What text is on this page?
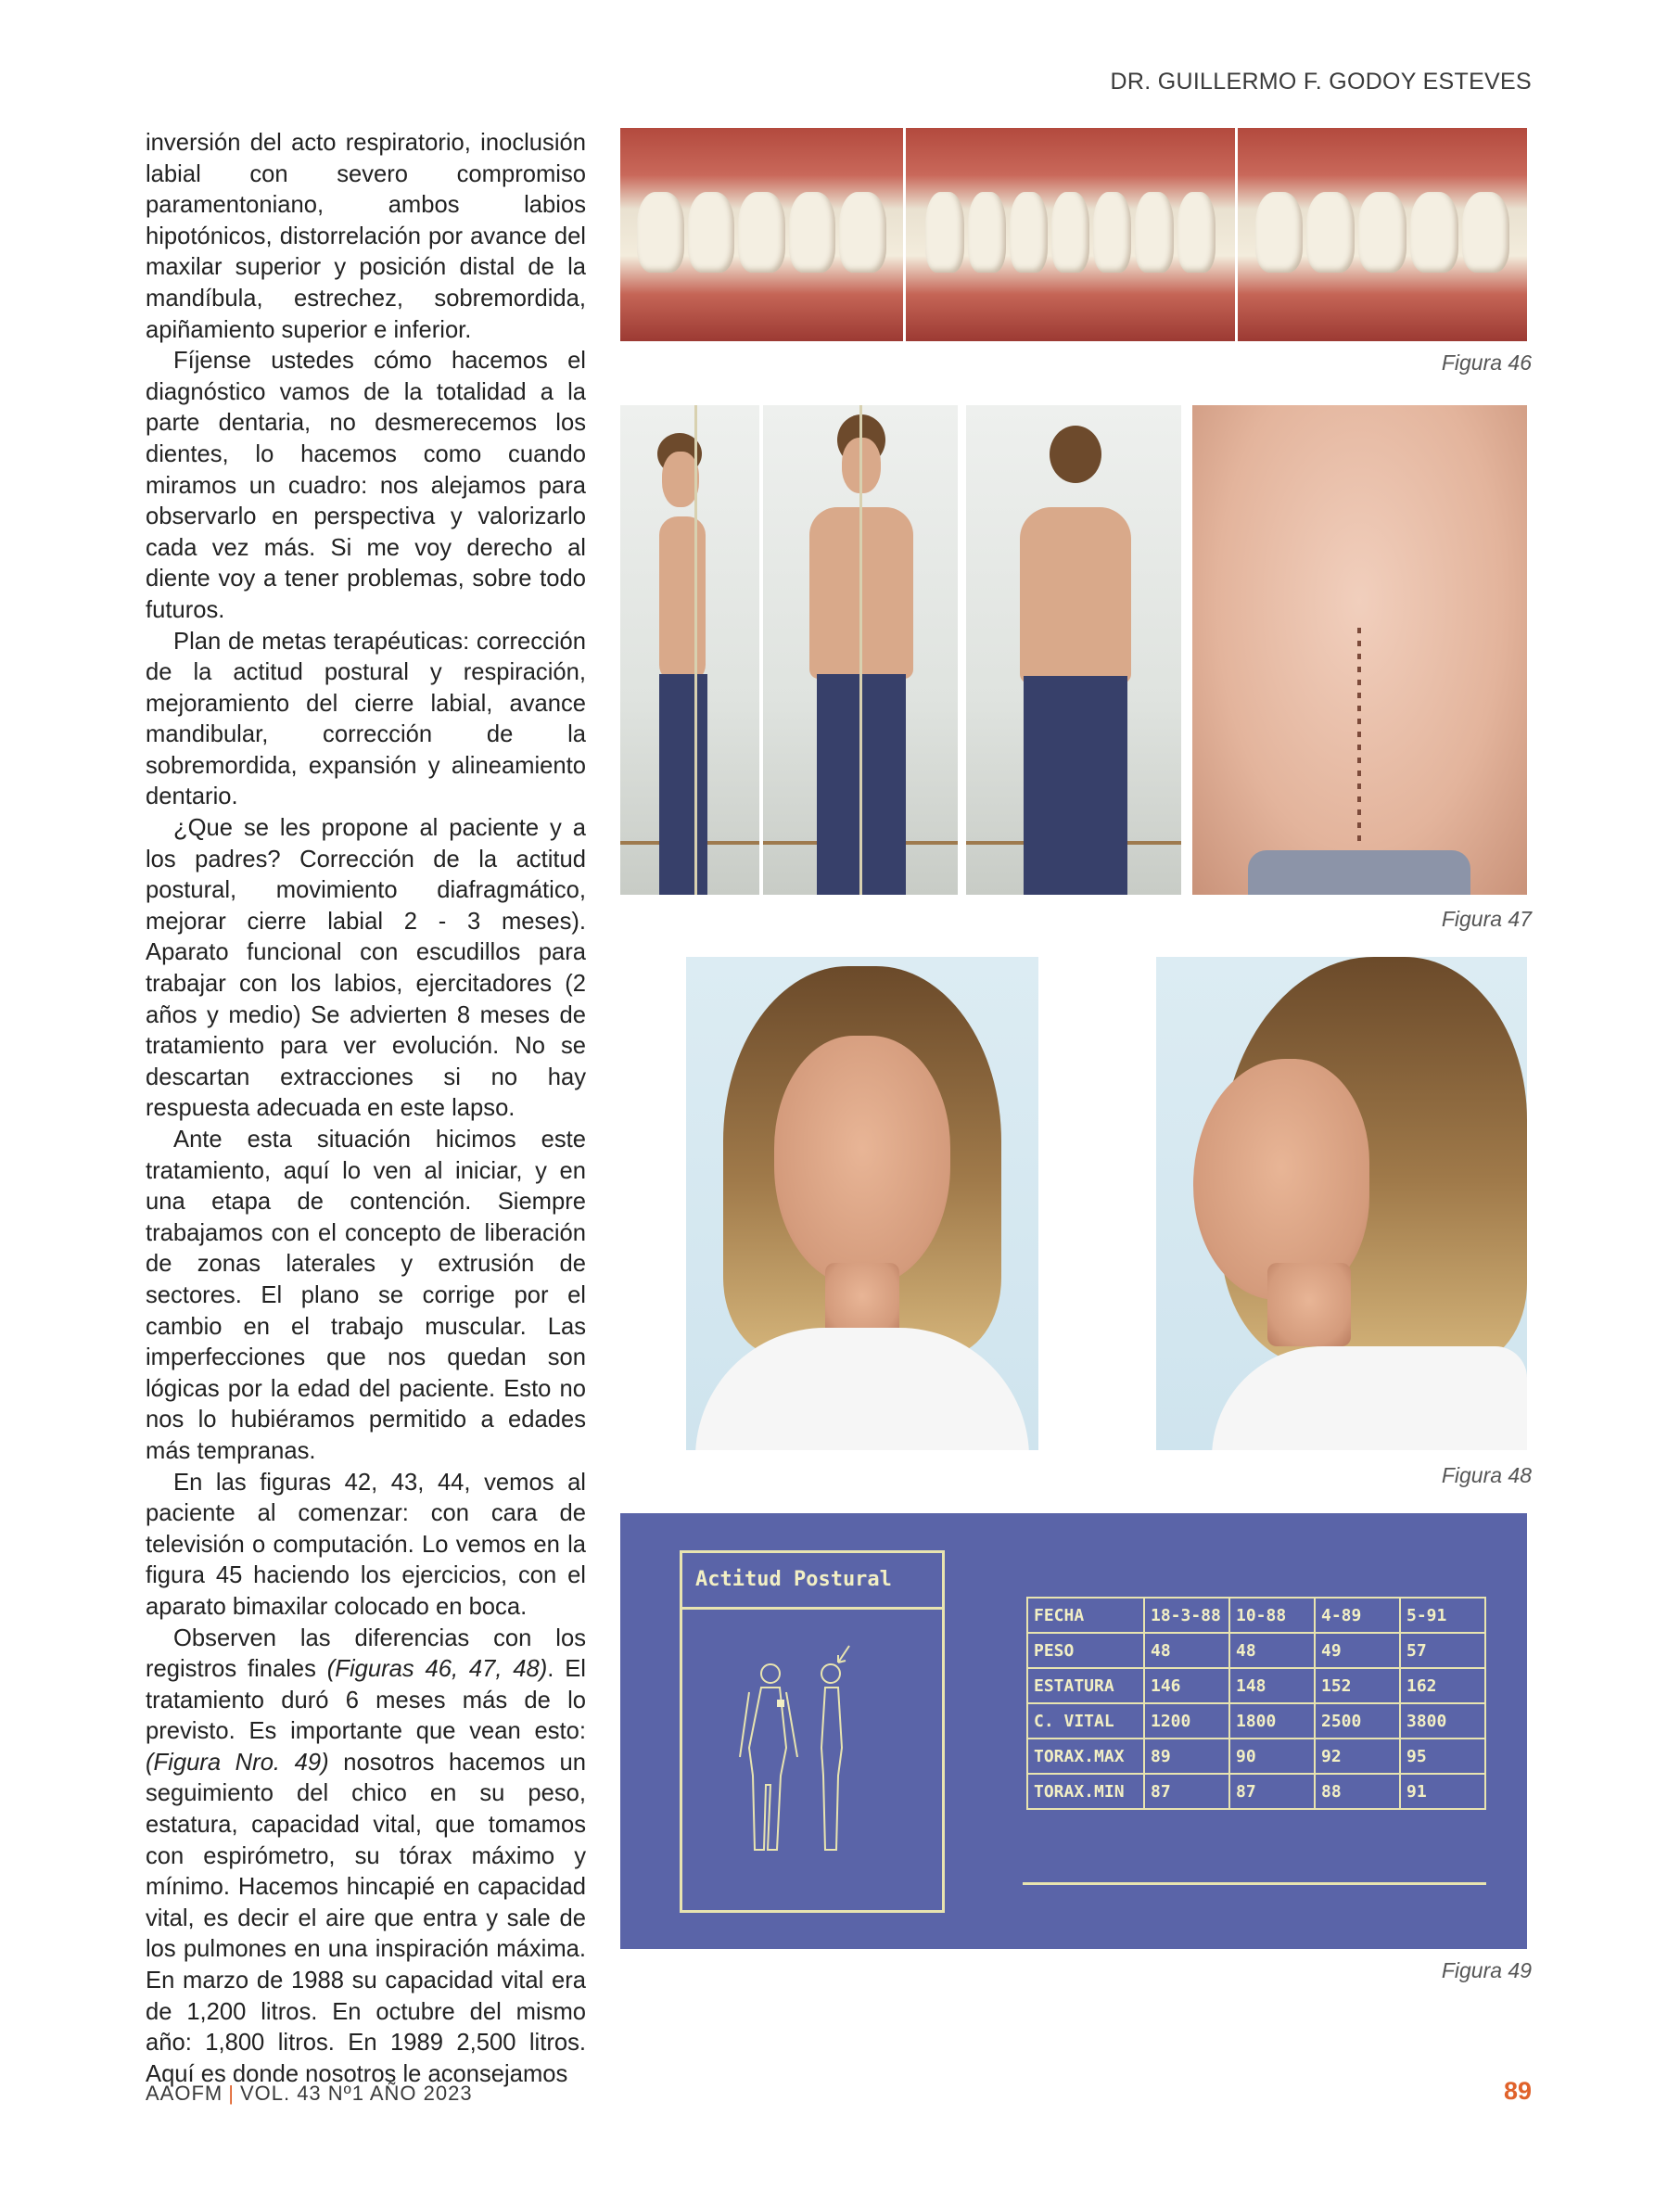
DR. GUILLERMO F. GODOY ESTEVES

inversión del acto respiratorio, inoclusión labial con severo compromiso paramentoniano, ambos labios hipotónicos, distorrelación por avance del maxilar superior y posición distal de la mandíbula, estrechez, sobremordida, apiñamiento superior e inferior.

Fíjense ustedes cómo hacemos el diagnóstico vamos de la totalidad a la parte dentaria, no desmerecemos los dientes, lo hacemos como cuando miramos un cuadro: nos alejamos para observarlo en perspectiva y valorizarlo cada vez más. Si me voy derecho al diente voy a tener problemas, sobre todo futuros.

Plan de metas terapéuticas: corrección de la actitud postural y respiración, mejoramiento del cierre labial, avance mandibular, corrección de la sobremordida, expansión y alineamiento dentario.

¿Que se les propone al paciente y a los padres? Corrección de la actitud postural, movimiento diafragmático, mejorar cierre labial 2 - 3 meses). Aparato funcional con escudillos para trabajar con los labios, ejercitadores (2 años y medio) Se advierten 8 meses de tratamiento para ver evolución. No se descartan extracciones si no hay respuesta adecuada en este lapso.

Ante esta situación hicimos este tratamiento, aquí lo ven al iniciar, y en una etapa de contención. Siempre trabajamos con el concepto de liberación de zonas laterales y extrusión de sectores. El plano se corrige por el cambio en el trabajo muscular. Las imperfecciones que nos quedan son lógicas por la edad del paciente. Esto no nos lo hubiéramos permitido a edades más tempranas.

En las figuras 42, 43, 44, vemos al paciente al comenzar: con cara de televisión o computación. Lo vemos en la figura 45 haciendo los ejercicios, con el aparato bimaxilar colocado en boca.

Observen las diferencias con los registros finales (Figuras 46, 47, 48). El tratamiento duró 6 meses más de lo previsto. Es importante que vean esto: (Figura Nro. 49) nosotros hacemos un seguimiento del chico en su peso, estatura, capacidad vital, que tomamos con espirómetro, su tórax máximo y mínimo. Hacemos hincapié en capacidad vital, es decir el aire que entra y sale de los pulmones en una inspiración máxima. En marzo de 1988 su capacidad vital era de 1,200 litros. En octubre del mismo año: 1,800 litros. En 1989 2,500 litros. Aquí es donde nosotros le aconsejamos

Figura 46
Figura 47
Figura 48
Actitud Postural
FECHA	18-3-88	10-88	4-89	5-91
PESO	48	48	49	57
ESTATURA	146	148	152	162
C. VITAL	1200	1800	2500	3800
TORAX.MAX	89	90	92	95
TORAX.MIN	87	87	88	91
Figura 49
AAOFM | VOL. 43 Nº1 AÑO 2023	89
